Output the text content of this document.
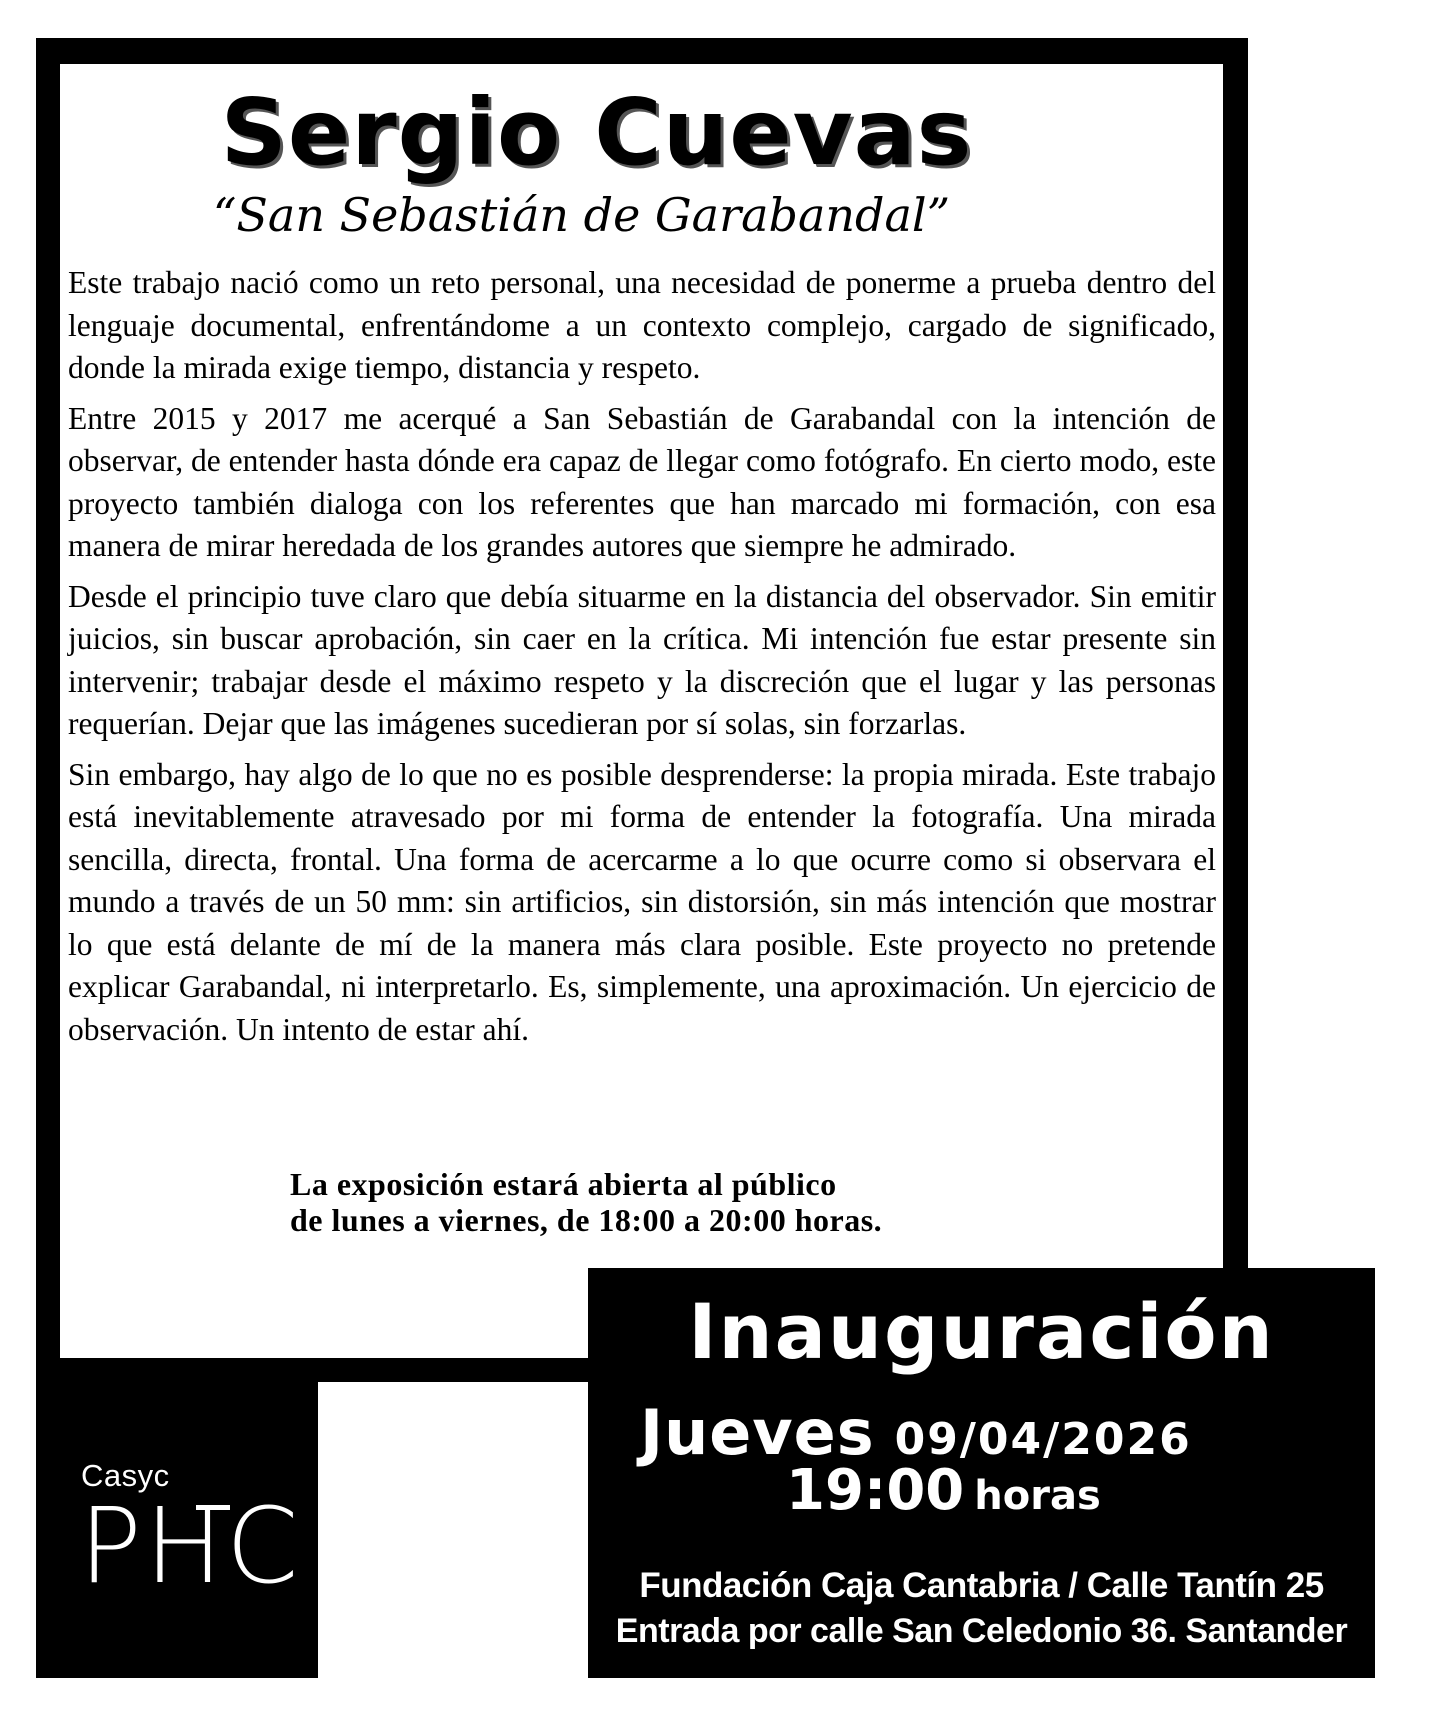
Sergio Cuevas
“San Sebastián de Garabandal”

Este trabajo nació como un reto personal, una necesidad de ponerme a prueba dentro del lenguaje documental, enfrentándome a un contexto complejo, cargado de significado, donde la mirada exige tiempo, distancia y respeto.

Entre 2015 y 2017 me acerqué a San Sebastián de Garabandal con la intención de observar, de entender hasta dónde era capaz de llegar como fotógrafo. En cierto modo, este proyecto también dialoga con los referentes que han marcado mi formación, con esa manera de mirar heredada de los grandes autores que siempre he admirado.

Desde el principio tuve claro que debía situarme en la distancia del observador. Sin emitir juicios, sin buscar aprobación, sin caer en la crítica. Mi intención fue estar presente sin intervenir; trabajar desde el máximo respeto y la discreción que el lugar y las personas requerían. Dejar que las imágenes sucedieran por sí solas, sin forzarlas.

Sin embargo, hay algo de lo que no es posible desprenderse: la propia mirada. Este trabajo está inevitablemente atravesado por mi forma de entender la fotografía. Una mirada sencilla, directa, frontal. Una forma de acercarme a lo que ocurre como si observara el mundo a través de un 50 mm: sin artificios, sin distorsión, sin más intención que mostrar lo que está delante de mí de la manera más clara posible. Este proyecto no pretende explicar Garabandal, ni interpretarlo. Es, simplemente, una aproximación. Un ejercicio de observación. Un intento de estar ahí.

La exposición estará abierta al público
de lunes a viernes, de 18:00 a 20:00 horas.
Casyc
PHC
Inauguración
Jueves 09/04/2026
19:00 horas
Fundación Caja Cantabria / Calle Tantín 25
Entrada por calle San Celedonio 36. Santander
